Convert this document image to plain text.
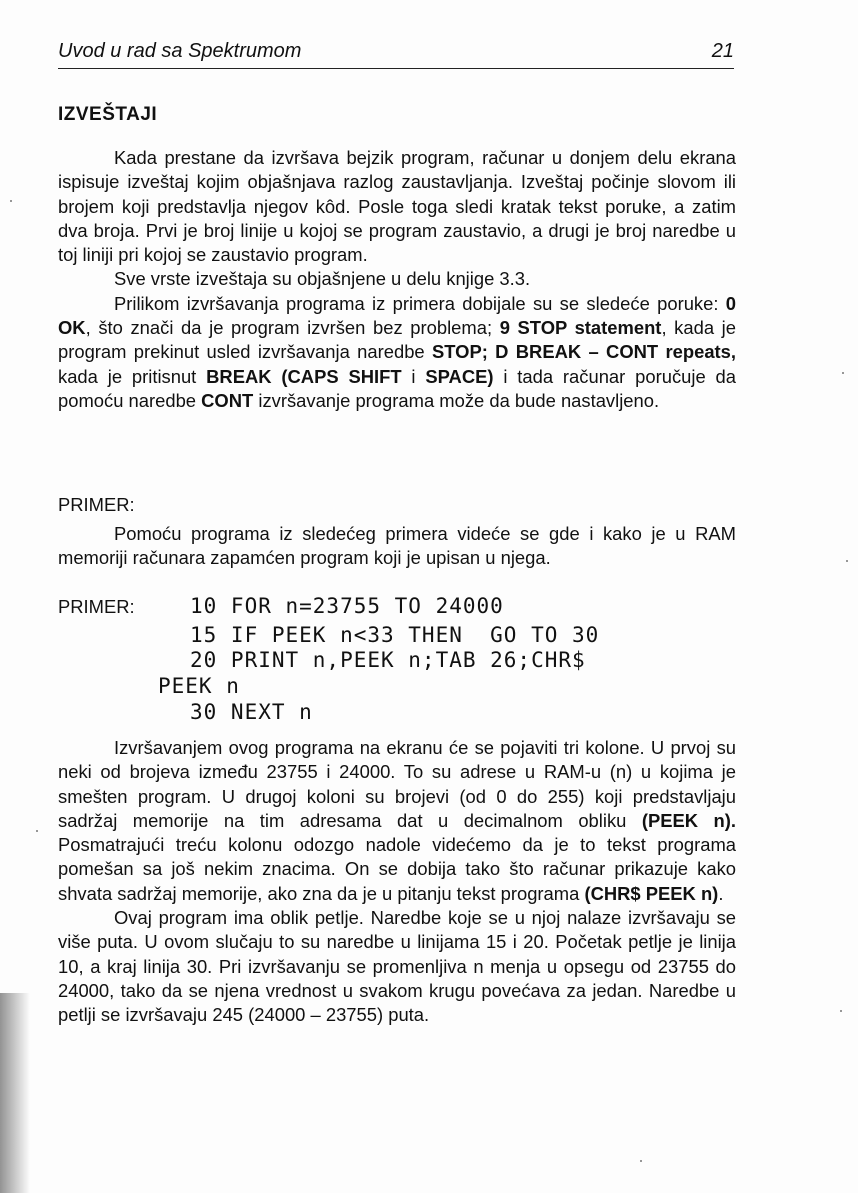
Uvod u rad sa Spektrumom	21
IZVEŠTAJI

Kada prestane da izvršava bejzik program, računar u donjem delu ekrana ispisuje izveštaj kojim objašnjava razlog zaustavljanja. Izveštaj počinje slovom ili brojem koji predstavlja njegov kôd. Posle toga sledi kratak tekst poruke, a zatim dva broja. Prvi je broj linije u kojoj se program zaustavio, a drugi je broj naredbe u toj liniji pri kojoj se zaustavio program.

Sve vrste izveštaja su objašnjene u delu knjige 3.3.

Prilikom izvršavanja programa iz primera dobijale su se sledeće poruke: 0 OK, što znači da je program izvršen bez problema; 9 STOP statement, kada je program prekinut usled izvršavanja naredbe STOP; D BREAK – CONT repeats, kada je pritisnut BREAK (CAPS SHIFT i SPACE) i tada računar poručuje da pomoću naredbe CONT izvršavanje programa može da bude nastavljeno.

PRIMER:

Pomoću programa iz sledećeg primera videće se gde i kako je u RAM memoriji računara zapamćen program koji je upisan u njega.

PRIMER:	10 FOR n=23755 TO 24000
15 IF PEEK n<33 THEN  GO TO 30
20 PRINT n,PEEK n;TAB 26;CHR$
PEEK n
30 NEXT n

Izvršavanjem ovog programa na ekranu će se pojaviti tri kolone. U prvoj su neki od brojeva između 23755 i 24000. To su adrese u RAM-u (n) u kojima je smešten program. U drugoj koloni su brojevi (od 0 do 255) koji predstavljaju sadržaj memorije na tim adresama dat u decimalnom obliku (PEEK n). Posmatrajući treću kolonu odozgo nadole videćemo da je to tekst programa pomešan sa još nekim znacima. On se dobija tako što računar prikazuje kako shvata sadržaj memorije, ako zna da je u pitanju tekst programa (CHR$ PEEK n).

Ovaj program ima oblik petlje. Naredbe koje se u njoj nalaze izvršavaju se više puta. U ovom slučaju to su naredbe u linijama 15 i 20. Početak petlje je linija 10, a kraj linija 30. Pri izvršavanju se promenljiva n menja u opsegu od 23755 do 24000, tako da se njena vrednost u svakom krugu povećava za jedan. Naredbe u petlji se izvršavaju 245 (24000 – 23755) puta.
